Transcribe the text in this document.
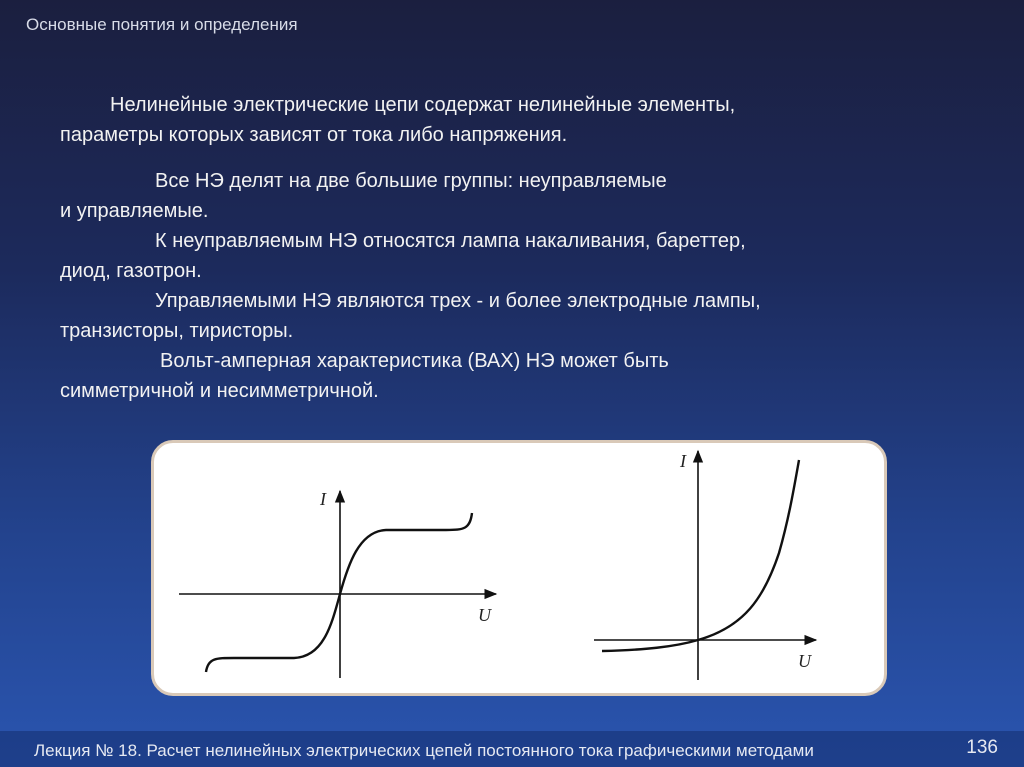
Основные понятия и определения

Нелинейные электрические цепи содержат нелинейные элементы,

параметры которых зависят от тока либо напряжения.

Все НЭ делят на две большие группы: неуправляемые

и управляемые.

К неуправляемым НЭ относятся лампа накаливания, бареттер,

диод, газотрон.

Управляемыми НЭ являются трех - и более электродные лампы,

транзисторы, тиристоры.

Вольт-амперная характеристика (ВАХ) НЭ может быть

симметричной и несимметричной.

I
U
I
U
Лекция № 18. Расчет нелинейных электрических цепей постоянного тока графическими методами	136
